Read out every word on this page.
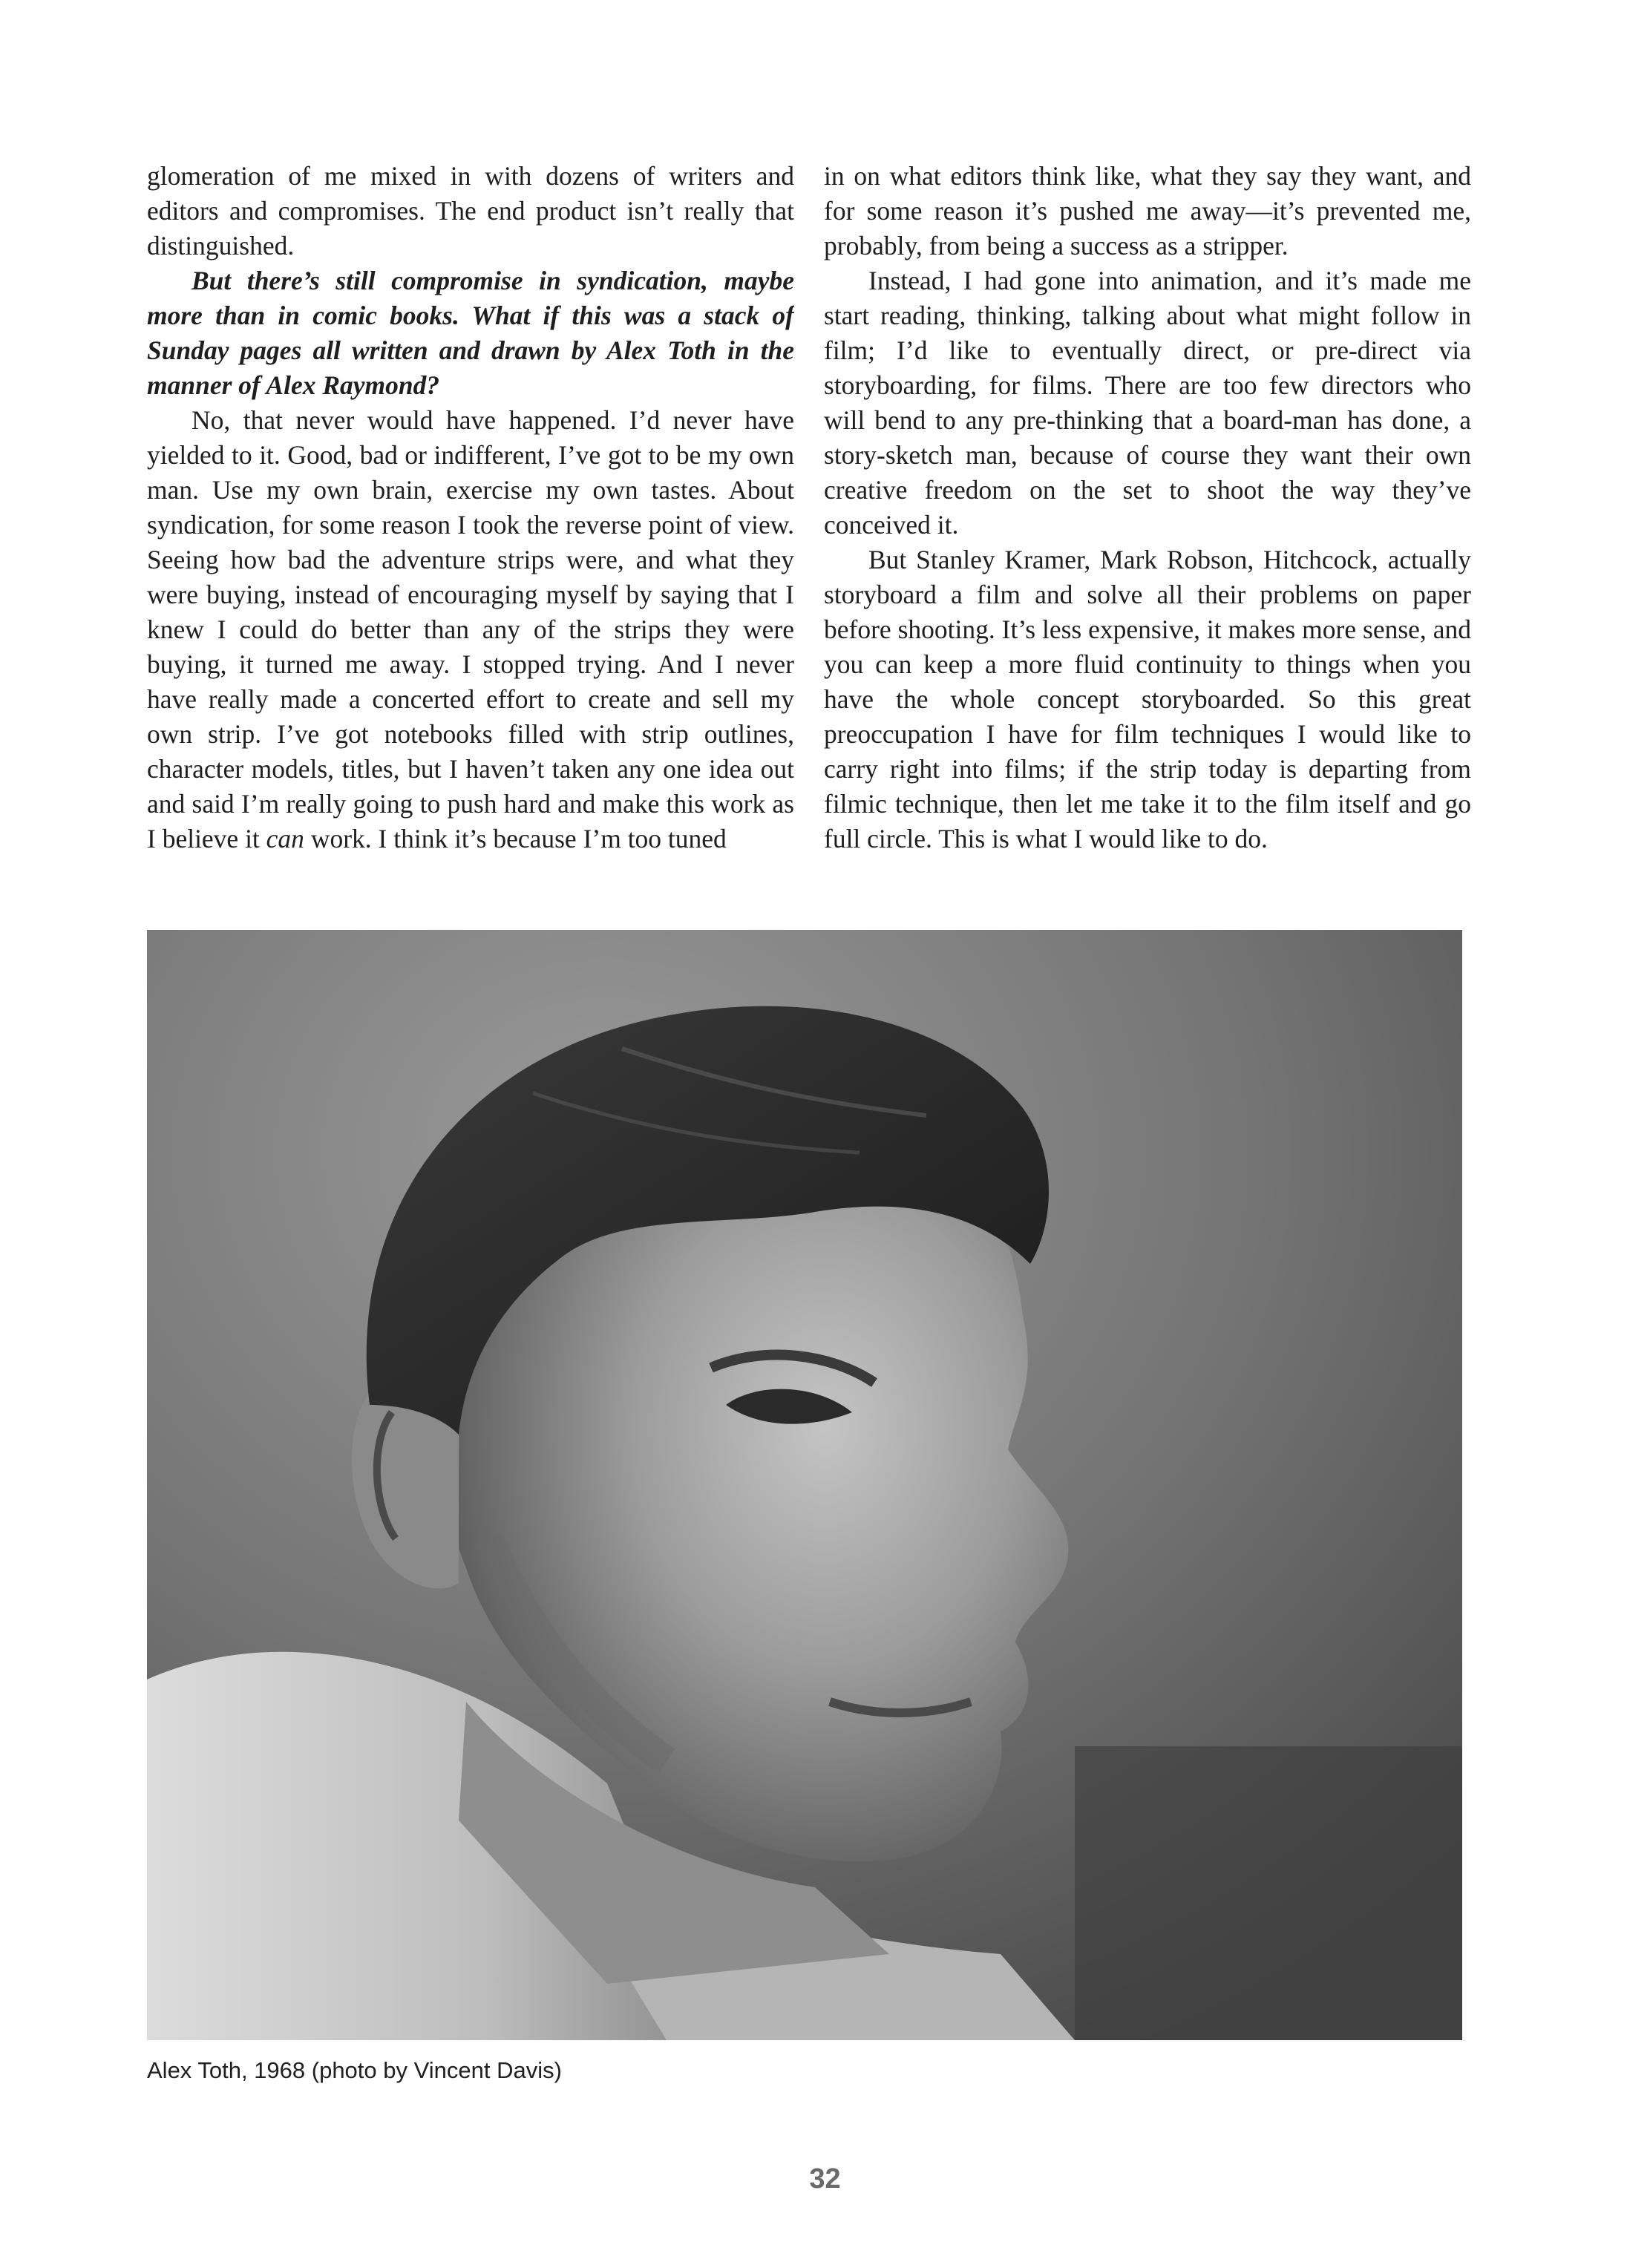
glomeration of me mixed in with dozens of writers and editors and compromises. The end product isn’t really that distinguished.

But there’s still compromise in syndication, maybe more than in comic books. What if this was a stack of Sunday pages all written and drawn by Alex Toth in the manner of Alex Raymond?

No, that never would have happened. I’d never have yielded to it. Good, bad or indifferent, I’ve got to be my own man. Use my own brain, exercise my own tastes. About syndication, for some reason I took the reverse point of view. Seeing how bad the adventure strips were, and what they were buying, instead of encouraging myself by saying that I knew I could do better than any of the strips they were buying, it turned me away. I stopped trying. And I never have really made a concerted effort to create and sell my own strip. I’ve got notebooks filled with strip outlines, character models, titles, but I haven’t taken any one idea out and said I’m really going to push hard and make this work as I believe it can work. I think it’s because I’m too tuned

in on what editors think like, what they say they want, and for some reason it’s pushed me away—it’s prevented me, probably, from being a success as a stripper.

Instead, I had gone into animation, and it’s made me start reading, thinking, talking about what might follow in film; I’d like to eventually direct, or pre-direct via storyboarding, for films. There are too few directors who will bend to any pre-thinking that a board-man has done, a story-sketch man, because of course they want their own creative freedom on the set to shoot the way they’ve conceived it.

But Stanley Kramer, Mark Robson, Hitchcock, actually storyboard a film and solve all their problems on paper before shooting. It’s less expensive, it makes more sense, and you can keep a more fluid continuity to things when you have the whole concept storyboarded. So this great preoccupation I have for film techniques I would like to carry right into films; if the strip today is departing from filmic technique, then let me take it to the film itself and go full circle. This is what I would like to do.

Alex Toth, 1968 (photo by Vincent Davis)
32
